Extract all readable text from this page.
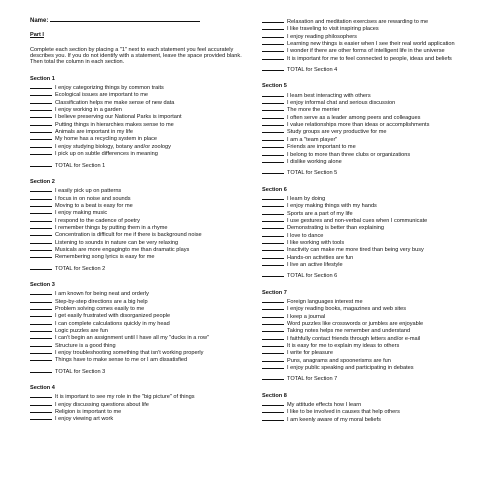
Name:
Part I
Complete each section by placing a "1" next to each statement you feel accurately describes you. If you do not identify with a statement, leave the space provided blank. Then total the column in each section.
Section 1
I enjoy categorizing things by common traits
Ecological issues are important to me
Classification helps me make sense of new data
I enjoy working in a garden
I believe preserving our National Parks is important
Putting things in hierarchies makes sense to me
Animals are important in my life
My home has a recycling system in place
I enjoy studying biology, botany and/or zoology
I pick up on subtle differences in meaning
TOTAL for Section 1
Section 2
I easily pick up on patterns
I focus in on noise and sounds
Moving to a beat is easy for me
I enjoy making music
I respond to the cadence of poetry
I remember things by putting them in a rhyme
Concentration is difficult for me if there is background noise
Listening to sounds in nature can be very relaxing
Musicals are more engagingto me than dramatic plays
Remembering song lyrics is easy for me
TOTAL for Section 2
Section 3
I am known for being neat and orderly
Step-by-step directions are a big help
Problem solving comes easily to me
I get easily frustrated with disorganized people
I can complete calculations quickly in my head
Logic puzzles are fun
I can't begin an assignment until I have all my "ducks in a row"
Structure is a good thing
I enjoy troubleshooting something that isn't working properly
Things have to make sense to me or I am dissatisfied
TOTAL for Section 3
Section 4
It is important to see my role in the "big picture" of things
I enjoy discussing questions about life
Religion is important to me
I enjoy viewing art work
Relaxation and meditation exercises are rewarding to me
I like traveling to visit inspiring places
I enjoy reading philosophers
Learning new things is easier when I see their real world application
I wonder if there are other forms of intelligent life in the universe
It is important for me to feel connected to people, ideas and beliefs
TOTAL for Section 4
Section 5
I learn best interacting with others
I enjoy informal chat and serious discussion
The more the merrier
I often serve as a leader among peers and colleagues
I value relationships more than ideas or accomplishments
Study groups are very productive for me
I am a "team player"
Friends are important to me
I belong to more than three clubs or organizations
I dislike working alone
TOTAL for Section 5
Section 6
I learn by doing
I enjoy making things with my hands
Sports are a part of my life
I use gestures and non-verbal cues when I communicate
Demonstrating is better than explaining
I love to dance
I like working with tools
Inactivity can make me more tired than being very busy
Hands-on activities are fun
I live an active lifestyle
TOTAL for Section 6
Section 7
Foreign languages interest me
I enjoy reading books, magazines and web sites
I keep a journal
Word puzzles like crosswords or jumbles are enjoyable
Taking notes helps me remember and understand
I faithfully contact friends through letters and/or e-mail
It is easy for me to explain my ideas to others
I write for pleasure
Puns, anagrams and spoonerisms are fun
I enjoy public speaking and participating in debates
TOTAL for Section 7
Section 8
My attitude effects how I learn
I like to be involved in causes that help others
I am keenly aware of my moral beliefs
